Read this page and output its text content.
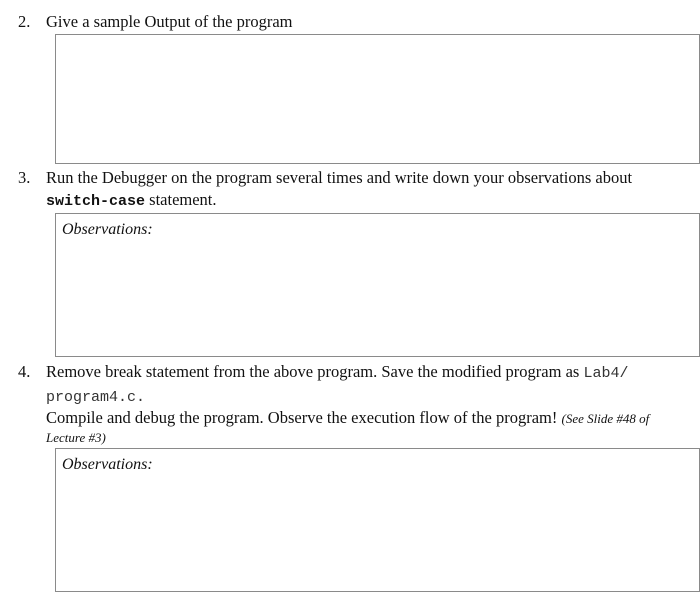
2. Give a sample Output of the program
3. Run the Debugger on the program several times and write down your observations about
switch-case statement.
Observations:
4. Remove break statement from the above program. Save the modified program as Lab4/
program4.c.
Compile and debug the program. Observe the execution flow of the program! (See Slide #48 of
Lecture #3)
Observations:
